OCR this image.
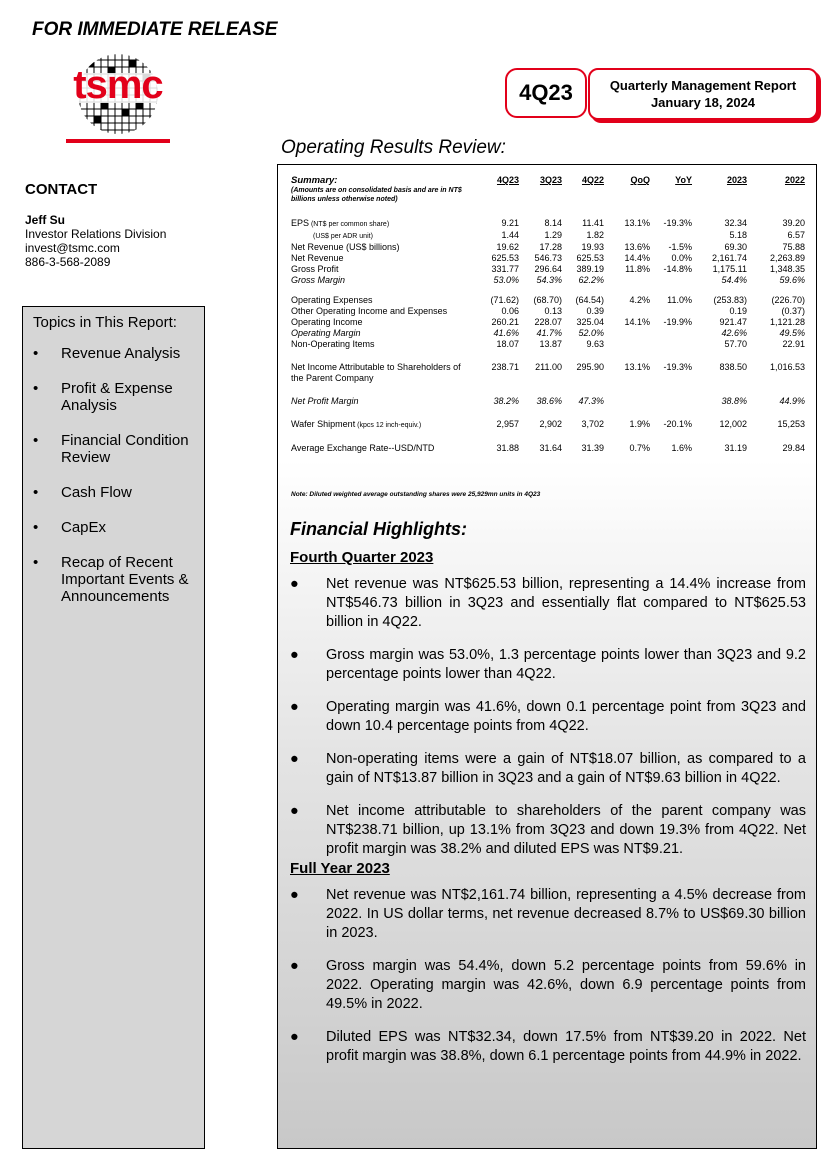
FOR IMMEDIATE RELEASE
tsmc	4Q23	Quarterly Management Report
January 18, 2024
Operating Results Review:
CONTACT
Jeff Su
Investor Relations Division
invest@tsmc.com
886-3-568-2089
Topics in This Report:
• Revenue Analysis
• Profit & Expense Analysis
• Financial Condition Review
• Cash Flow
• CapEx
• Recap of Recent Important Events & Announcements
Summary:
(Amounts are on consolidated basis and are in NT$ billions unless otherwise noted)	4Q23	3Q23	4Q22	QoQ	YoY	2023	2022

EPS (NT$ per common share)	9.21	8.14	11.41	13.1%	-19.3%	32.34	39.20
(US$ per ADR unit)	1.44	1.29	1.82			5.18	6.57
Net Revenue (US$ billions)	19.62	17.28	19.93	13.6%	-1.5%	69.30	75.88
Net Revenue	625.53	546.73	625.53	14.4%	0.0%	2,161.74	2,263.89
Gross Profit	331.77	296.64	389.19	11.8%	-14.8%	1,175.11	1,348.35
Gross Margin	53.0%	54.3%	62.2%			54.4%	59.6%

Operating Expenses	(71.62)	(68.70)	(64.54)	4.2%	11.0%	(253.83)	(226.70)
Other Operating Income and Expenses	0.06	0.13	0.39			0.19	(0.37)
Operating Income	260.21	228.07	325.04	14.1%	-19.9%	921.47	1,121.28
Operating Margin	41.6%	41.7%	52.0%			42.6%	49.5%
Non-Operating Items	18.07	13.87	9.63			57.70	22.91

Net Income Attributable to Shareholders of the Parent Company	238.71	211.00	295.90	13.1%	-19.3%	838.50	1,016.53

Net Profit Margin	38.2%	38.6%	47.3%			38.8%	44.9%

Wafer Shipment (kpcs 12 inch-equiv.)	2,957	2,902	3,702	1.9%	-20.1%	12,002	15,253

Average Exchange Rate--USD/NTD	31.88	31.64	31.39	0.7%	1.6%	31.19	29.84
Note: Diluted weighted average outstanding shares were 25,929mn units in 4Q23
Financial Highlights:
Fourth Quarter 2023
● Net revenue was NT$625.53 billion, representing a 14.4% increase from NT$546.73 billion in 3Q23 and essentially flat compared to NT$625.53 billion in 4Q22.
● Gross margin was 53.0%, 1.3 percentage points lower than 3Q23 and 9.2 percentage points lower than 4Q22.
● Operating margin was 41.6%, down 0.1 percentage point from 3Q23 and down 10.4 percentage points from 4Q22.
● Non-operating items were a gain of NT$18.07 billion, as compared to a gain of NT$13.87 billion in 3Q23 and a gain of NT$9.63 billion in 4Q22.
● Net income attributable to shareholders of the parent company was NT$238.71 billion, up 13.1% from 3Q23 and down 19.3% from 4Q22. Net profit margin was 38.2% and diluted EPS was NT$9.21.
Full Year 2023
● Net revenue was NT$2,161.74 billion, representing a 4.5% decrease from 2022. In US dollar terms, net revenue decreased 8.7% to US$69.30 billion in 2023.
● Gross margin was 54.4%, down 5.2 percentage points from 59.6% in 2022. Operating margin was 42.6%, down 6.9 percentage points from 49.5% in 2022.
● Diluted EPS was NT$32.34, down 17.5% from NT$39.20 in 2022. Net profit margin was 38.8%, down 6.1 percentage points from 44.9% in 2022.
